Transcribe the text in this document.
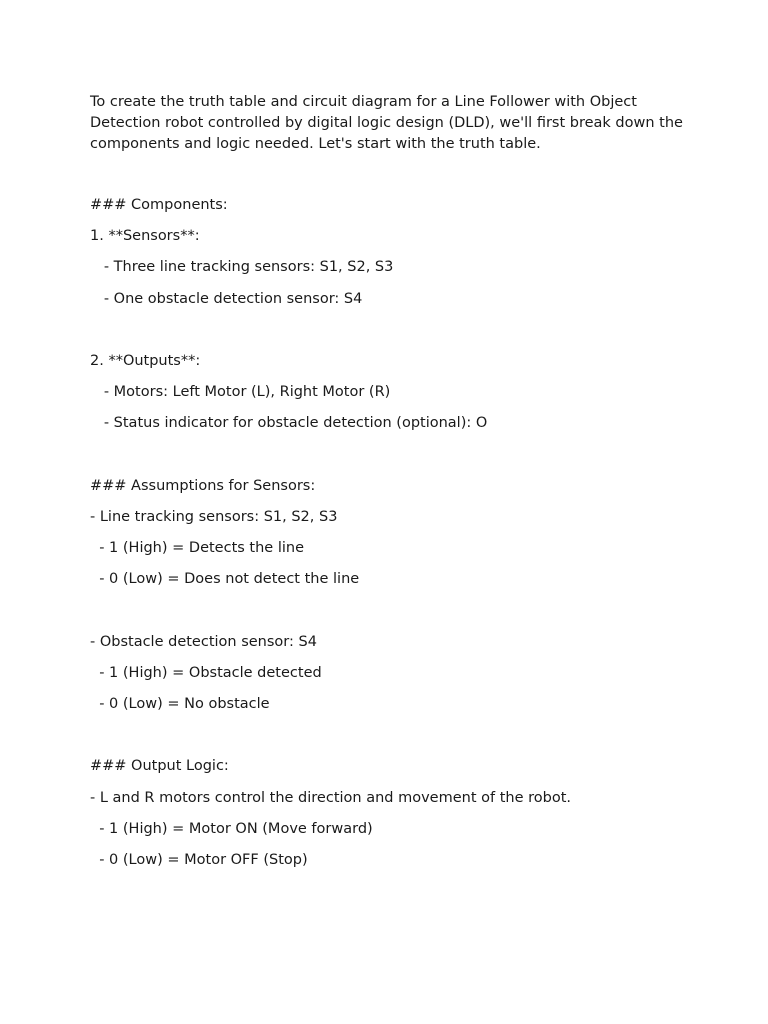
To create the truth table and circuit diagram for a Line Follower with Object Detection robot controlled by digital logic design (DLD), we'll first break down the components and logic needed. Let's start with the truth table.

### Components:
1. **Sensors**:
- Three line tracking sensors: S1, S2, S3
- One obstacle detection sensor: S4
2. **Outputs**:
- Motors: Left Motor (L), Right Motor (R)
- Status indicator for obstacle detection (optional): O
### Assumptions for Sensors:
- Line tracking sensors: S1, S2, S3
- 1 (High) = Detects the line
- 0 (Low) = Does not detect the line
- Obstacle detection sensor: S4
- 1 (High) = Obstacle detected
- 0 (Low) = No obstacle
### Output Logic:
- L and R motors control the direction and movement of the robot.
- 1 (High) = Motor ON (Move forward)
- 0 (Low) = Motor OFF (Stop)
